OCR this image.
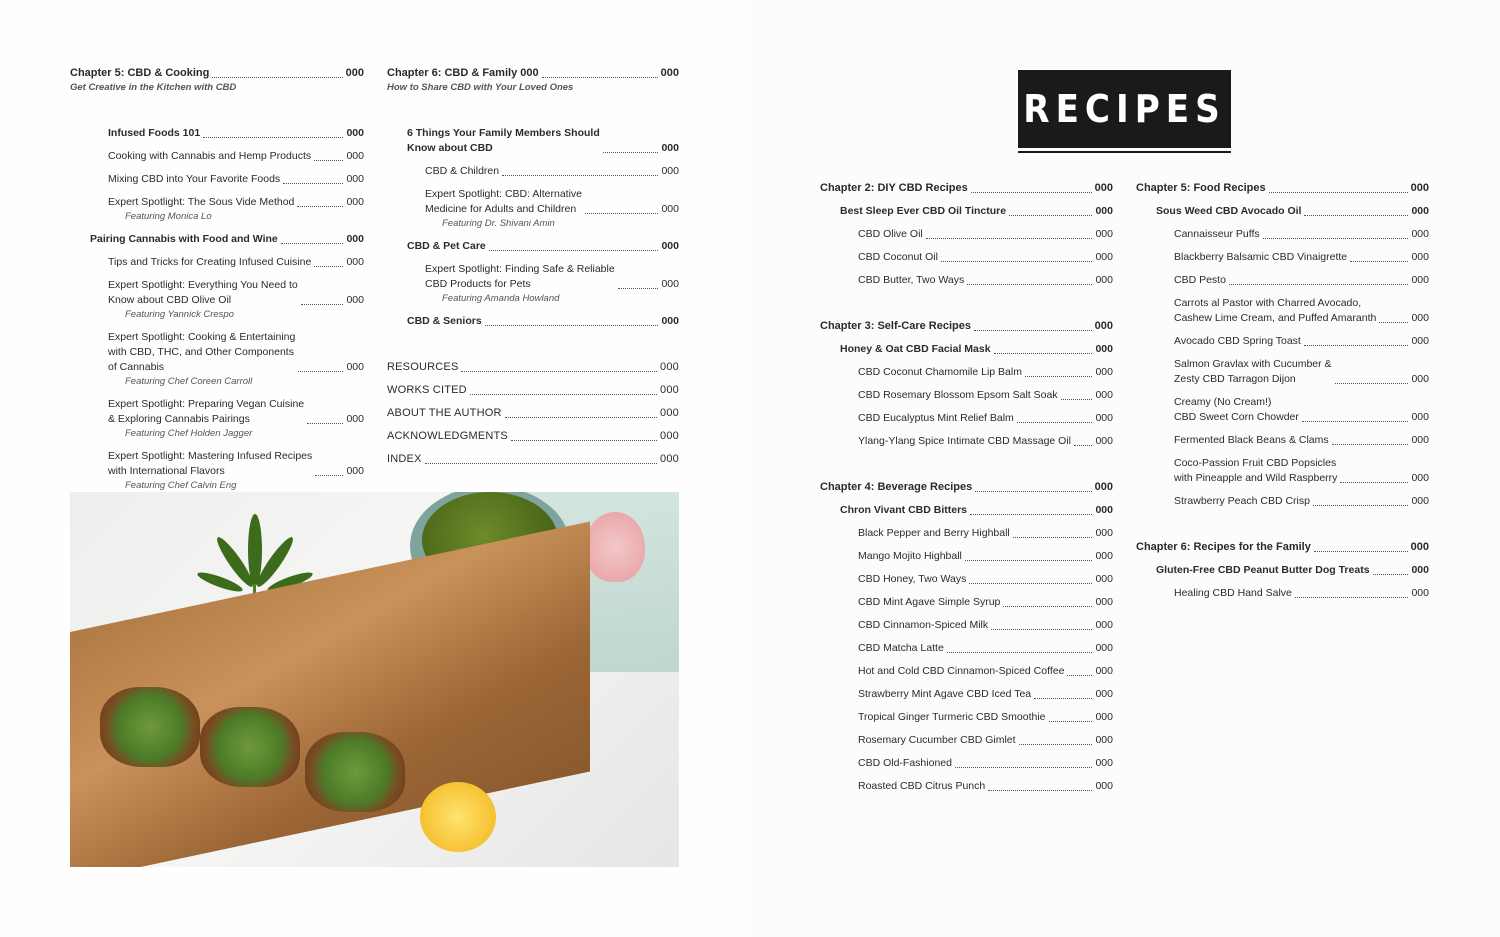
Chapter 5: CBD & Cooking	000
Get Creative in the Kitchen with CBD
Infused Foods 101	000
Cooking with Cannabis and Hemp Products	000
Mixing CBD into Your Favorite Foods	000
Expert Spotlight: The Sous Vide Method	000
Featuring Monica Lo
Pairing Cannabis with Food and Wine	000
Tips and Tricks for Creating Infused Cuisine	000
Expert Spotlight: Everything You Need to
Know about CBD Olive Oil	000
Featuring Yannick Crespo
Expert Spotlight: Cooking & Entertaining
with CBD, THC, and Other Components
of Cannabis	000
Featuring Chef Coreen Carroll
Expert Spotlight: Preparing Vegan Cuisine
& Exploring Cannabis Pairings	000
Featuring Chef Holden Jagger
Expert Spotlight: Mastering Infused Recipes
with International Flavors	000
Featuring Chef Calvin Eng
Chapter 6: CBD & Family 000	000
How to Share CBD with Your Loved Ones
6 Things Your Family Members Should
Know about CBD	000
CBD & Children	000
Expert Spotlight: CBD: Alternative
Medicine for Adults and Children	000
Featuring Dr. Shivani Amin
CBD & Pet Care	000
Expert Spotlight: Finding Safe & Reliable
CBD Products for Pets	000
Featuring Amanda Howland
CBD & Seniors	000
RESOURCES	000
WORKS CITED	000
ABOUT THE AUTHOR	000
ACKNOWLEDGMENTS	000
INDEX	000
RECIPES
Chapter 2: DIY CBD Recipes	000
Best Sleep Ever CBD Oil Tincture	000
CBD Olive Oil	000
CBD Coconut Oil	000
CBD Butter, Two Ways	000
Chapter 3: Self-Care Recipes	000
Honey & Oat CBD Facial Mask	000
CBD Coconut Chamomile Lip Balm	000
CBD Rosemary Blossom Epsom Salt Soak	000
CBD Eucalyptus Mint Relief Balm	000
Ylang-Ylang Spice Intimate CBD Massage Oil 000
Chapter 4: Beverage Recipes	000
Chron Vivant CBD Bitters	000
Black Pepper and Berry Highball	000
Mango Mojito Highball	000
CBD Honey, Two Ways	000
CBD Mint Agave Simple Syrup	000
CBD Cinnamon-Spiced Milk	000
CBD Matcha Latte	000
Hot and Cold CBD Cinnamon-Spiced Coffee	000
Strawberry Mint Agave CBD Iced Tea	000
Tropical Ginger Turmeric CBD Smoothie	000
Rosemary Cucumber CBD Gimlet	000
CBD Old-Fashioned	000
Roasted CBD Citrus Punch	000
Chapter 5: Food Recipes	000
Sous Weed CBD Avocado Oil	000
Cannaisseur Puffs	000
Blackberry Balsamic CBD Vinaigrette	000
CBD Pesto	000
Carrots al Pastor with Charred Avocado,
Cashew Lime Cream, and Puffed Amaranth	000
Avocado CBD Spring Toast	000
Salmon Gravlax with Cucumber &
Zesty CBD Tarragon Dijon	000
Creamy (No Cream!)
CBD Sweet Corn Chowder	000
Fermented Black Beans & Clams	000
Coco-Passion Fruit CBD Popsicles
with Pineapple and Wild Raspberry	000
Strawberry Peach CBD Crisp	000
Chapter 6: Recipes for the Family	000
Gluten-Free CBD Peanut Butter Dog Treats	000
Healing CBD Hand Salve	000
